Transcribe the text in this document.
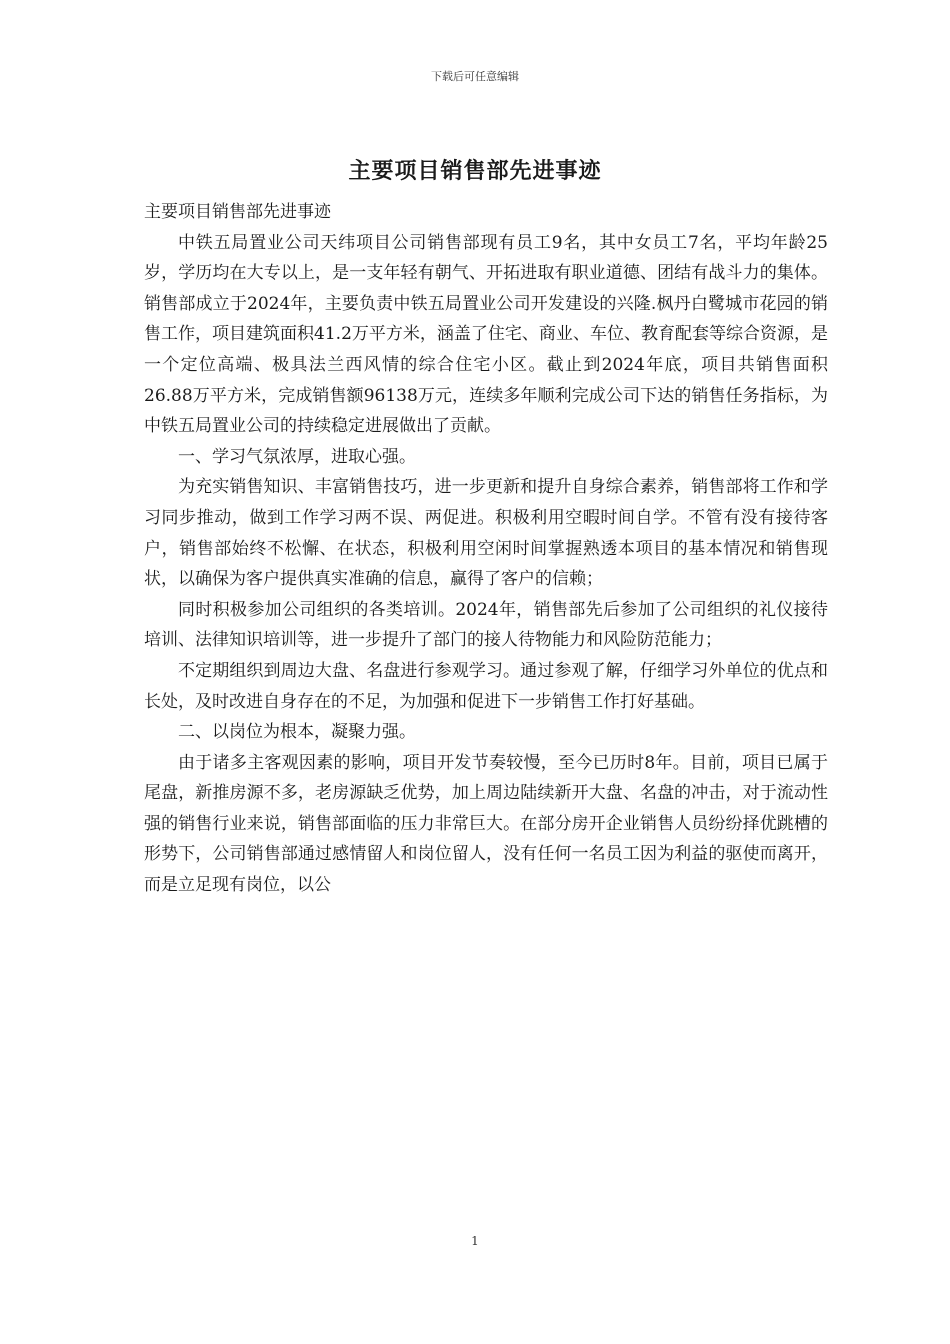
下载后可任意编辑
主要项目销售部先进事迹

主要项目销售部先进事迹

中铁五局置业公司天纬项目公司销售部现有员工9名，其中女员工7名，平均年龄25岁，学历均在大专以上，是一支年轻有朝气、开拓进取有职业道德、团结有战斗力的集体。销售部成立于2024年，主要负责中铁五局置业公司开发建设的兴隆.枫丹白鹭城市花园的销售工作，项目建筑面积41.2万平方米，涵盖了住宅、商业、车位、教育配套等综合资源，是一个定位高端、极具法兰西风情的综合住宅小区。截止到2024年底，项目共销售面积26.88万平方米，完成销售额96138万元，连续多年顺利完成公司下达的销售任务指标，为中铁五局置业公司的持续稳定进展做出了贡献。

一、学习气氛浓厚，进取心强。

为充实销售知识、丰富销售技巧，进一步更新和提升自身综合素养，销售部将工作和学习同步推动，做到工作学习两不误、两促进。积极利用空暇时间自学。不管有没有接待客户，销售部始终不松懈、在状态，积极利用空闲时间掌握熟透本项目的基本情况和销售现状，以确保为客户提供真实准确的信息，赢得了客户的信赖；

同时积极参加公司组织的各类培训。2024年，销售部先后参加了公司组织的礼仪接待培训、法律知识培训等，进一步提升了部门的接人待物能力和风险防范能力；

不定期组织到周边大盘、名盘进行参观学习。通过参观了解，仔细学习外单位的优点和长处，及时改进自身存在的不足，为加强和促进下一步销售工作打好基础。

二、以岗位为根本，凝聚力强。

由于诸多主客观因素的影响，项目开发节奏较慢，至今已历时8年。目前，项目已属于尾盘，新推房源不多，老房源缺乏优势，加上周边陆续新开大盘、名盘的冲击，对于流动性强的销售行业来说，销售部面临的压力非常巨大。在部分房开企业销售人员纷纷择优跳槽的形势下，公司销售部通过感情留人和岗位留人，没有任何一名员工因为利益的驱使而离开，而是立足现有岗位，以公

1
